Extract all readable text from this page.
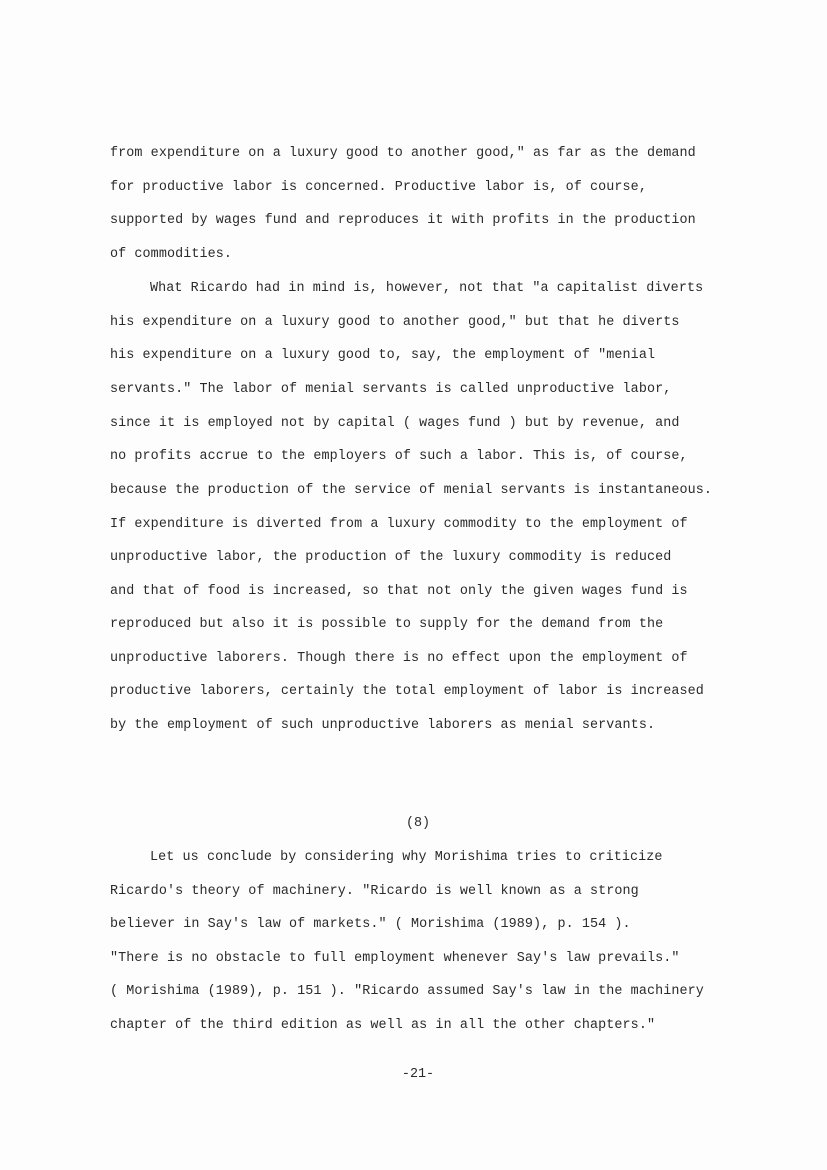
from expenditure on a luxury good to another good," as far as the demand
for productive labor is concerned. Productive labor is, of course,
supported by wages fund and reproduces it with profits in the production
of commodities.
What Ricardo had in mind is, however, not that "a capitalist diverts
his expenditure on a luxury good to another good," but that he diverts
his expenditure on a luxury good to, say, the employment of "menial
servants." The labor of menial servants is called unproductive labor,
since it is employed not by capital ( wages fund ) but by revenue, and
no profits accrue to the employers of such a labor. This is, of course,
because the production of the service of menial servants is instantaneous.
If expenditure is diverted from a luxury commodity to the employment of
unproductive labor, the production of the luxury commodity is reduced
and that of food is increased, so that not only the given wages fund is
reproduced but also it is possible to supply for the demand from the
unproductive laborers. Though there is no effect upon the employment of
productive laborers, certainly the total employment of labor is increased
by the employment of such unproductive laborers as menial servants.
(8)
Let us conclude by considering why Morishima tries to criticize
Ricardo's theory of machinery. "Ricardo is well known as a strong
believer in Say's law of markets." ( Morishima (1989), p. 154 ).
"There is no obstacle to full employment whenever Say's law prevails."
( Morishima (1989), p. 151 ). "Ricardo assumed Say's law in the machinery
chapter of the third edition as well as in all the other chapters."
-21-
